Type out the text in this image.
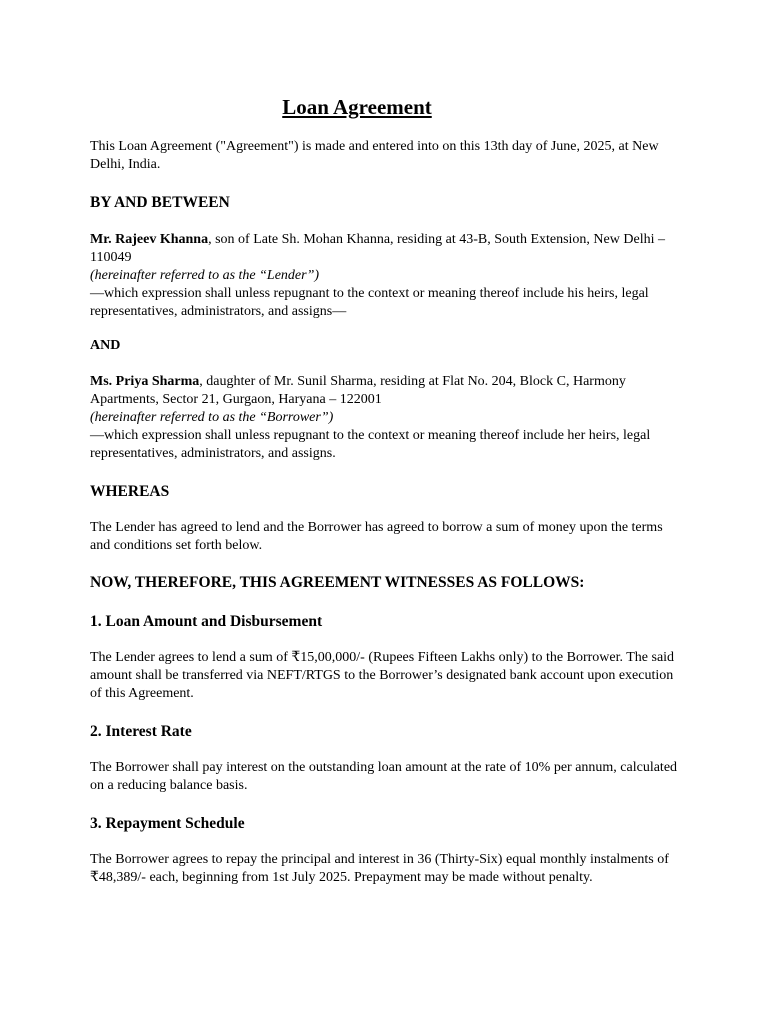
Loan Agreement

This Loan Agreement ("Agreement") is made and entered into on this 13th day of June, 2025, at New Delhi, India.

BY AND BETWEEN

Mr. Rajeev Khanna, son of Late Sh. Mohan Khanna, residing at 43-B, South Extension, New Delhi – 110049

(hereinafter referred to as the “Lender”)

—which expression shall unless repugnant to the context or meaning thereof include his heirs, legal representatives, administrators, and assigns—

AND

Ms. Priya Sharma, daughter of Mr. Sunil Sharma, residing at Flat No. 204, Block C, Harmony Apartments, Sector 21, Gurgaon, Haryana – 122001

(hereinafter referred to as the “Borrower”)

—which expression shall unless repugnant to the context or meaning thereof include her heirs, legal representatives, administrators, and assigns.

WHEREAS

The Lender has agreed to lend and the Borrower has agreed to borrow a sum of money upon the terms and conditions set forth below.

NOW, THEREFORE, THIS AGREEMENT WITNESSES AS FOLLOWS:

1. Loan Amount and Disbursement

The Lender agrees to lend a sum of ₹15,00,000/- (Rupees Fifteen Lakhs only) to the Borrower. The said amount shall be transferred via NEFT/RTGS to the Borrower’s designated bank account upon execution of this Agreement.

2. Interest Rate

The Borrower shall pay interest on the outstanding loan amount at the rate of 10% per annum, calculated on a reducing balance basis.

3. Repayment Schedule

The Borrower agrees to repay the principal and interest in 36 (Thirty-Six) equal monthly instalments of ₹48,389/- each, beginning from 1st July 2025. Prepayment may be made without penalty.
